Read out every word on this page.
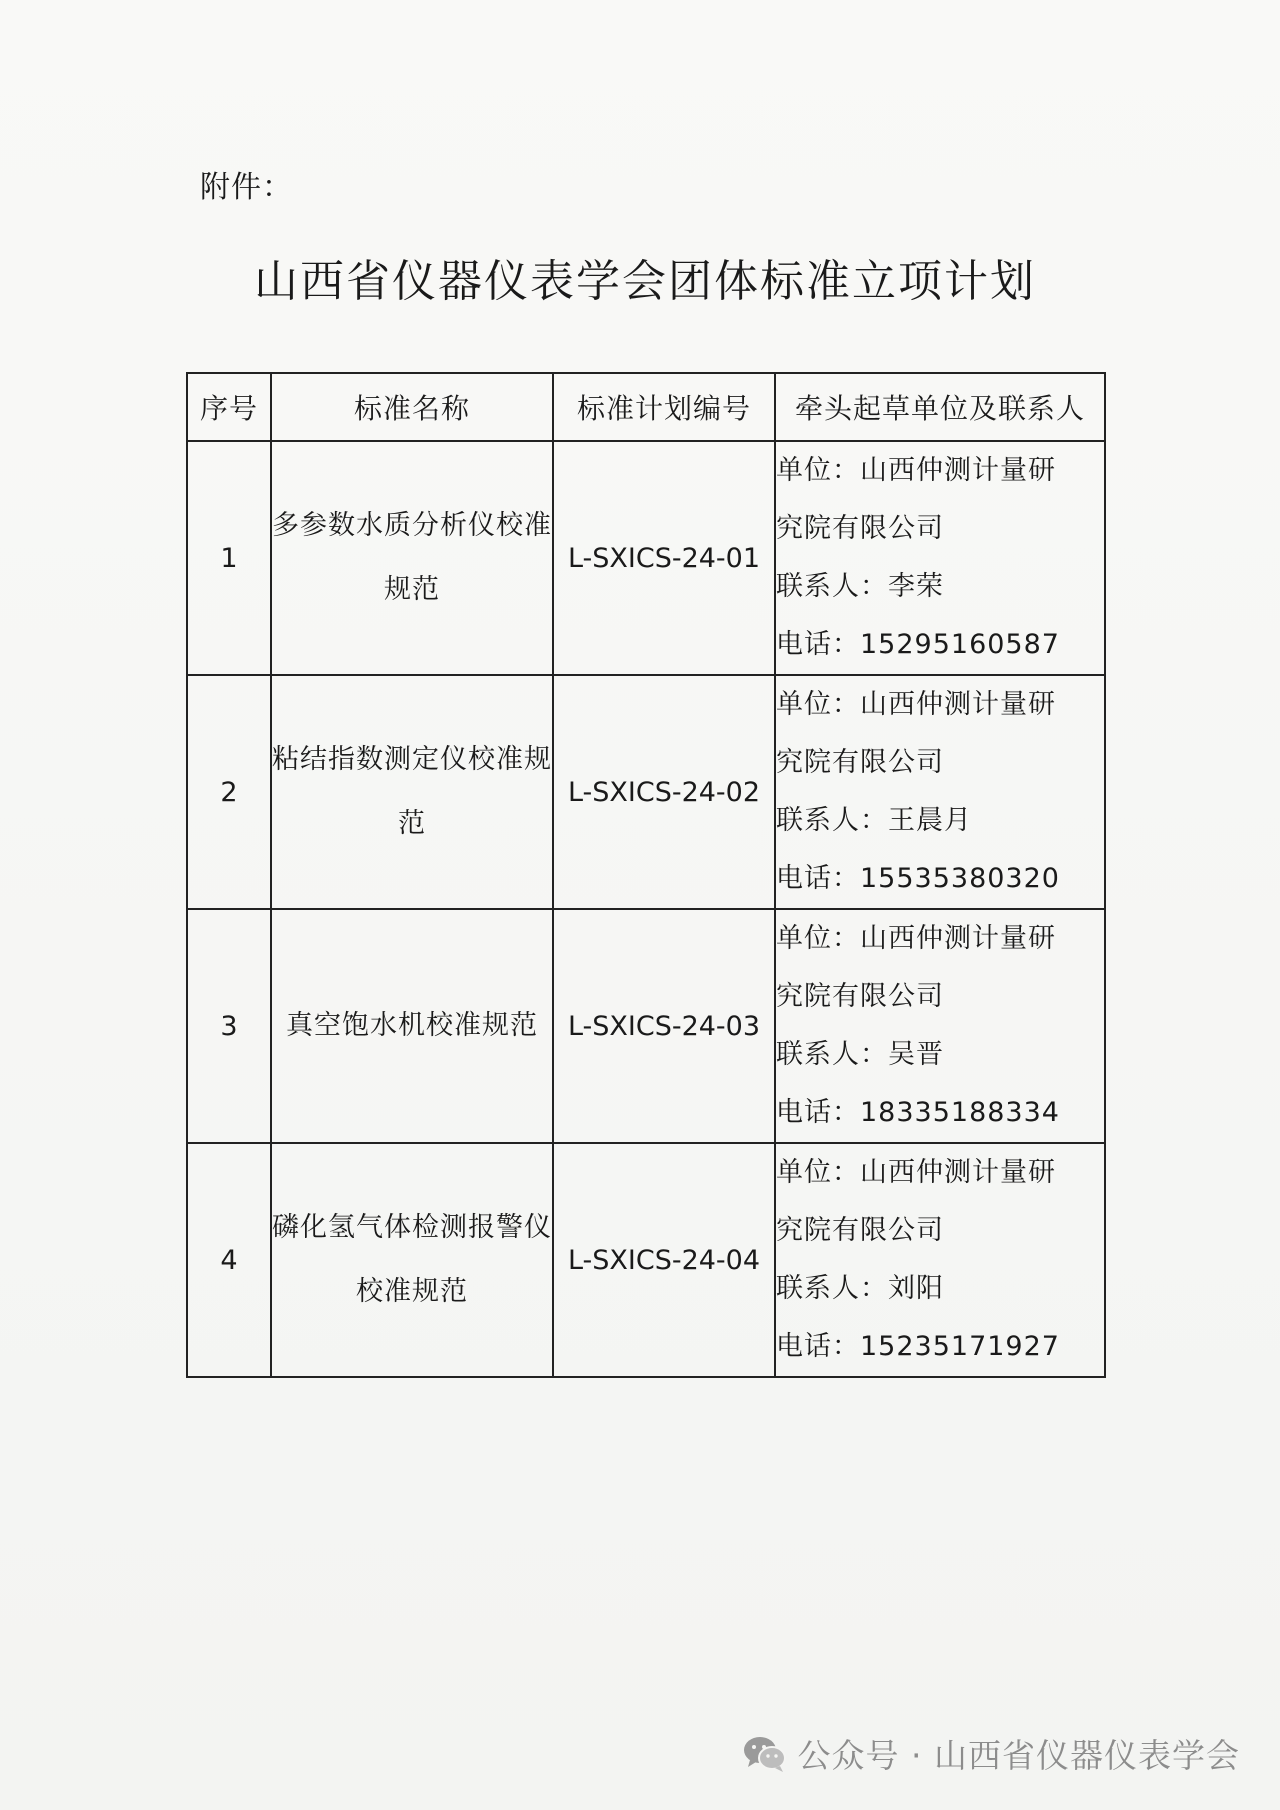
附件：
山西省仪器仪表学会团体标准立项计划
序号	标准名称	标准计划编号	牵头起草单位及联系人
1	多参数水质分析仪校准规范	L-SXICS-24-01	单位：山西仲测计量研
究院有限公司
联系人：李荣
电话：15295160587

2	粘结指数测定仪校准规范	L-SXICS-24-02	单位：山西仲测计量研
究院有限公司
联系人：王晨月
电话：15535380320

3	真空饱水机校准规范	L-SXICS-24-03	单位：山西仲测计量研
究院有限公司
联系人：吴晋
电话：18335188334

4	磷化氢气体检测报警仪校准规范	L-SXICS-24-04	单位：山西仲测计量研
究院有限公司
联系人：刘阳
电话：15235171927
公众号 · 山西省仪器仪表学会
